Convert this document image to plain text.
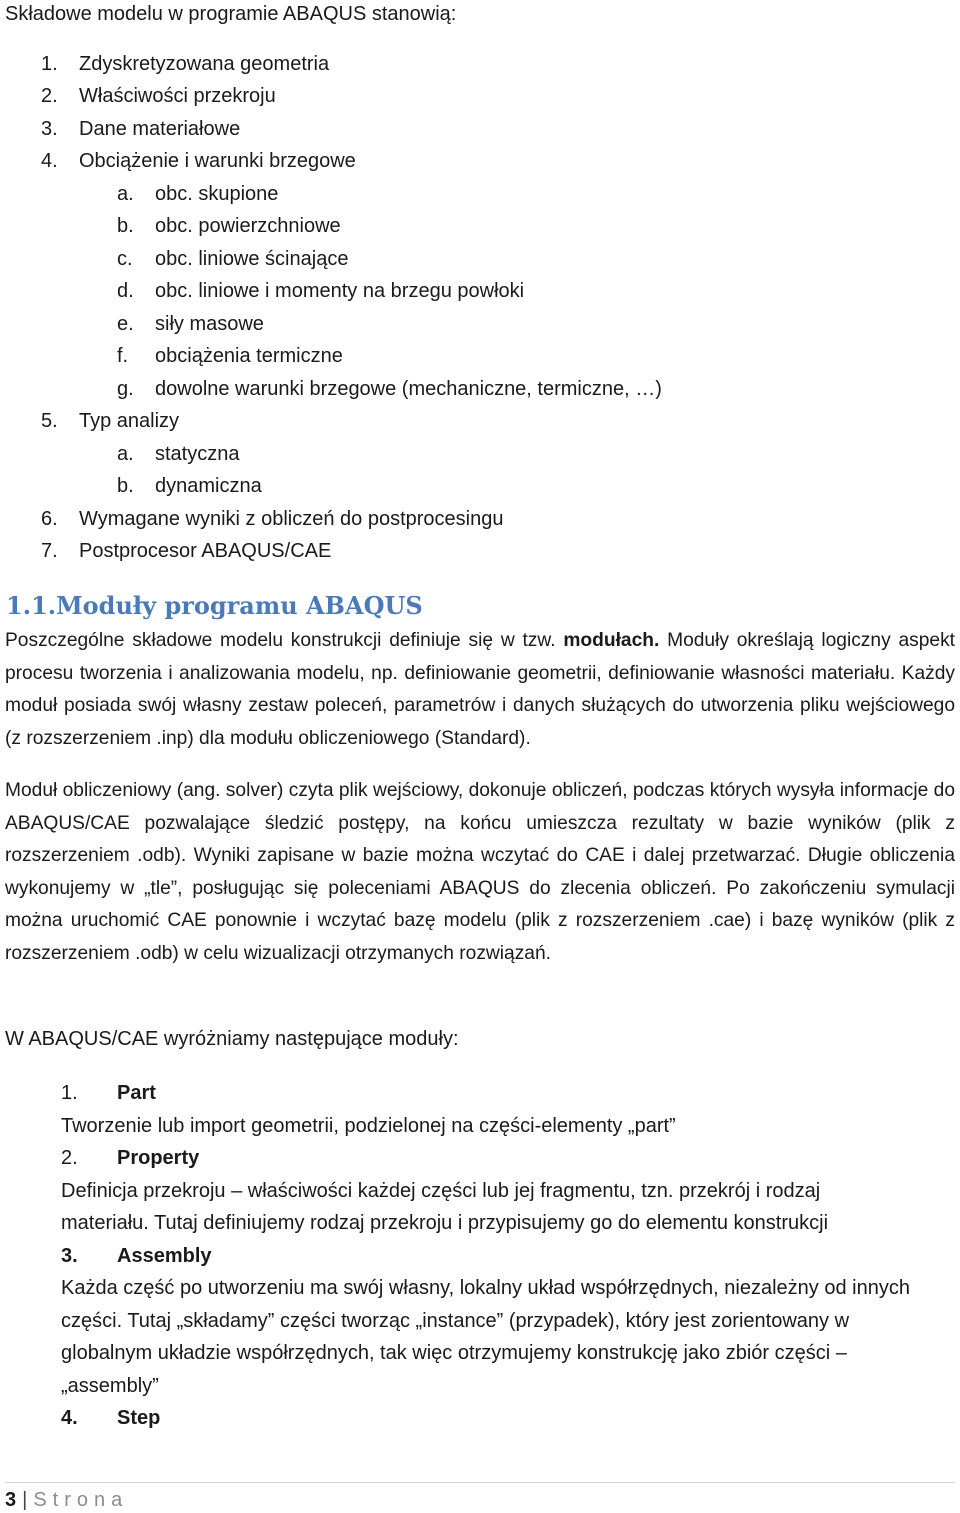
Składowe modelu w programie ABAQUS stanowią:
1. Zdyskretyzowana geometria
2. Właściwości przekroju
3. Dane materiałowe
4. Obciążenie i warunki brzegowe
a. obc. skupione
b. obc. powierzchniowe
c. obc. liniowe ścinające
d. obc. liniowe i momenty na brzegu powłoki
e. siły masowe
f. obciążenia termiczne
g. dowolne warunki brzegowe (mechaniczne, termiczne, …)
5. Typ analizy
a. statyczna
b. dynamiczna
6. Wymagane wyniki z obliczeń do postprocesingu
7. Postprocesor ABAQUS/CAE
1.1.Moduły programu ABAQUS
Poszczególne składowe modelu konstrukcji definiuje się w tzw. modułach. Moduły określają logiczny aspekt procesu tworzenia i analizowania modelu, np. definiowanie geometrii, definiowanie własności materiału. Każdy moduł posiada swój własny zestaw poleceń, parametrów i danych służących do utworzenia pliku wejściowego (z rozszerzeniem .inp) dla modułu obliczeniowego (Standard).
Moduł obliczeniowy (ang. solver) czyta plik wejściowy, dokonuje obliczeń, podczas których wysyła informacje do ABAQUS/CAE pozwalające śledzić postępy, na końcu umieszcza rezultaty w bazie wyników (plik z rozszerzeniem .odb). Wyniki zapisane w bazie można wczytać do CAE i dalej przetwarzać. Długie obliczenia wykonujemy w „tle”, posługując się poleceniami ABAQUS do zlecenia obliczeń. Po zakończeniu symulacji można uruchomić CAE ponownie i wczytać bazę modelu (plik z rozszerzeniem .cae) i bazę wyników (plik z rozszerzeniem .odb) w celu wizualizacji otrzymanych rozwiązań.
W ABAQUS/CAE wyróżniamy następujące moduły:
1. Part
Tworzenie lub import geometrii, podzielonej na części-elementy „part”
2. Property
Definicja przekroju – właściwości każdej części lub jej fragmentu, tzn. przekrój i rodzaj
materiału. Tutaj definiujemy rodzaj przekroju i przypisujemy go do elementu konstrukcji
3. Assembly
Każda część po utworzeniu ma swój własny, lokalny układ współrzędnych, niezależny od innych
części. Tutaj „składamy” części tworząc „instance” (przypadek), który jest zorientowany w
globalnym układzie współrzędnych, tak więc otrzymujemy konstrukcję jako zbiór części –
„assembly”
4. Step
3 | Strona
